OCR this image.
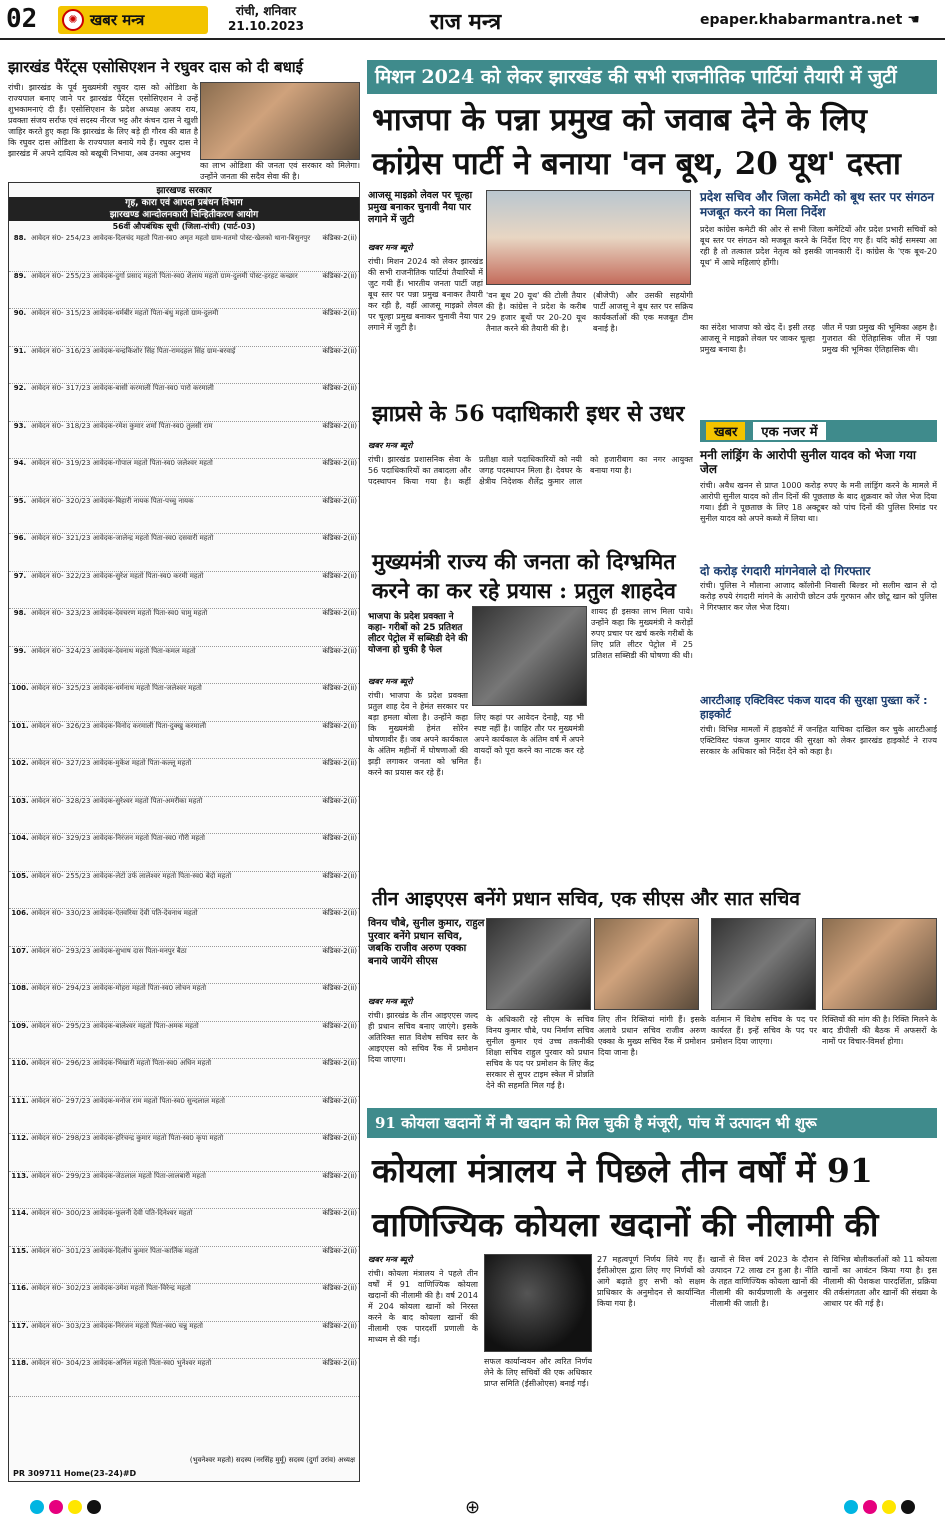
02	✺ खबर मन्त्र	रांची, शनिवार
21.10.2023	राज मन्त्र	epaper.khabarmantra.net ☚
झारखंड पैरेंट्स एसोसिएशन ने रघुवर दास को दी बधाई
रांची। झारखंड के पूर्व मुख्यमंत्री रघुवर दास को ओडिशा के राज्यपाल बनाए जाने पर झारखंड पैरेंट्स एसोसिएशन ने उन्हें शुभकामनाएं दी हैं। एसोसिएशन के प्रदेश अध्यक्ष अजय राय, प्रवक्ता संजय सर्राफ एवं सदस्य नीरज भट्ट और कंचन दास ने खुशी जाहिर करते हुए कहा कि झारखंड के लिए बड़े ही गौरव की बात है कि रघुवर दास ओडिशा के राज्यपाल बनाये गये हैं। रघुवर दास ने झारखंड में अपने दायित्व को बखूबी निभाया, अब उनका अनुभव
का लाभ ओडिशा की जनता एवं सरकार को मिलेगा। उन्होंने जनता की सदैव सेवा की है।
झारखण्ड सरकार
गृह, कारा एवं आपदा प्रबंधन विभाग
झारखण्ड आन्दोलनकारी चिन्हितीकरण आयोग
56वीं औपबंधिक सूची (जिला-रांची) (पार्ट-03)
88. आवेदन सं0- 254/23 आवेदक-दिलचंद महतो पिता-स्व0 अमृत महतो ग्राम-मतमो पोस्ट-खेलको थाना-बिसुनपुर	कंडिका-2(ii)
89. आवेदन सं0- 255/23 आवेदक-दुर्गा प्रसाद महतो पिता-स्व0 शैलाय महतो ग्राम-दुलमी पोस्ट-हरहट कच्छार	कंडिका-2(ii)
90. आवेदन सं0- 315/23 आवेदक-धर्मबीर महतो पिता-बंधु महतो ग्राम-दुलमी	कंडिका-2(ii)
91. आवेदन सं0- 316/23 आवेदक-चन्द्रकिशोर सिंह पिता-रामदहल सिंह ग्राम-बरवाई	कंडिका-2(ii)
92. आवेदन सं0- 317/23 आवेदक-बासी करमाली पिता-स्व0 पारो करमाली	कंडिका-2(ii)
93. आवेदन सं0- 318/23 आवेदक-रमेश कुमार शर्मा पिता-स्व0 तुलसी राम	कंडिका-2(ii)
94. आवेदन सं0- 319/23 आवेदक-गोपाल महतो पिता-स्व0 जलेश्वर महतो	कंडिका-2(ii)
95. आवेदन सं0- 320/23 आवेदक-बिहारी नायक पिता-पच्चु नायक	कंडिका-2(ii)
96. आवेदन सं0- 321/23 आवेदक-जालेन्द्र महतो पिता-स्व0 दसवारी महतो	कंडिका-2(ii)
97. आवेदन सं0- 322/23 आवेदक-सुरेश महतो पिता-स्व0 करमी महतो	कंडिका-2(ii)
98. आवेदन सं0- 323/23 आवेदक-देवचरण महतो पिता-स्व0 चामु महतो	कंडिका-2(ii)
99. आवेदन सं0- 324/23 आवेदक-देवनाथ महतो पिता-कमल महतो	कंडिका-2(ii)
100. आवेदन सं0- 325/23 आवेदक-धर्मनाथ महतो पिता-जलेश्वर महतो	कंडिका-2(ii)
101. आवेदन सं0- 326/23 आवेदक-विनोद करमाली पिता-दुक्खु करमाली	कंडिका-2(ii)
102. आवेदन सं0- 327/23 आवेदक-मुकेश महतो पिता-कल्लू महतो	कंडिका-2(ii)
103. आवेदन सं0- 328/23 आवेदक-सुरेश्वर महतो पिता-अमरीका महतो	कंडिका-2(ii)
104. आवेदन सं0- 329/23 आवेदक-निरंजन महतो पिता-स्व0 गौरी महतो	कंडिका-2(ii)
105. आवेदन सं0- 255/23 आवेदक-लेटो उर्फ लालेश्वर महतो पिता-स्व0 बेदो महतो	कंडिका-2(ii)
106. आवेदन सं0- 330/23 आवेदक-ऐतवरिया देवी पति-देवनाथ महतो	कंडिका-2(ii)
107. आवेदन सं0- 293/23 आवेदक-सुभाष दास पिता-मनपुर बैठा	कंडिका-2(ii)
108. आवेदन सं0- 294/23 आवेदक-मोहरा महतो पिता-स्व0 लोचन महतो	कंडिका-2(ii)
109. आवेदन सं0- 295/23 आवेदक-बालेश्वर महतो पिता-अमक महतो	कंडिका-2(ii)
110. आवेदन सं0- 296/23 आवेदक-भिखारी महतो पिता-स्व0 अधिन महतो	कंडिका-2(ii)
111. आवेदन सं0- 297/23 आवेदक-मनोज राम महतो पिता-स्व0 सुन्दलाल महतो	कंडिका-2(ii)
112. आवेदन सं0- 298/23 आवेदक-हरिचन्द्र कुमार महतो पिता-स्व0 कृपा महतो	कंडिका-2(ii)
113. आवेदन सं0- 299/23 आवेदक-जेठलाल महतो पिता-लालबारी महतो	कंडिका-2(ii)
114. आवेदन सं0- 300/23 आवेदक-फूलनी देवी पति-दिनेश्वर महतो	कंडिका-2(ii)
115. आवेदन सं0- 301/23 आवेदक-दिलीप कुमार पिता-कार्तिक महतो	कंडिका-2(ii)
116. आवेदन सं0- 302/23 आवेदक-उमेश महतो पिता-विरेन्द्र महतो	कंडिका-2(ii)
117. आवेदन सं0- 303/23 आवेदक-निरंजन महतो पिता-स्व0 चन्नु महतो	कंडिका-2(ii)
118. आवेदन सं0- 304/23 आवेदक-अनिल महतो पिता-स्व0 भुनेश्वर महतो	कंडिका-2(ii)
(भुवनेश्वर महतो) सदस्य (नरसिंह मुर्मू) सदस्य (दुर्गा उरांव) अध्यक्ष
PR 309711 Home(23-24)#D
मिशन 2024 को लेकर झारखंड की सभी राजनीतिक पार्टियां तैयारी में जुटीं
भाजपा के पन्ना प्रमुख को जवाब देने के लिए
कांग्रेस पार्टी ने बनाया 'वन बूथ, 20 यूथ' दस्ता
आजसू माइक्रो लेवल पर चूल्हा प्रमुख बनाकर चुनावी नैया पार लगाने में जुटी
खबर मन्त्र ब्यूरो
रांची। मिशन 2024 को लेकर झारखंड की सभी राजनीतिक पार्टियां तैयारियों में जुट गयी हैं। भारतीय जनता पार्टी जहां बूथ स्तर पर पन्ना प्रमुख बनाकर तैयारी कर रही है, वहीं आजसू माइक्रो लेवल पर चूल्हा प्रमुख बनाकर चुनावी नैया पार लगाने में जुटी है।
'वन बूथ 20 यूथ' की टोली तैयार की है। कांग्रेस ने प्रदेश के करीब 29 हजार बूथों पर 20-20 यूथ तैनात करने की तैयारी की है।
(बीजेपी) और उसकी सहयोगी पार्टी आजसू ने बूथ स्तर पर सक्रिय कार्यकर्ताओं की एक मजबूत टीम बनाई है।
प्रदेश सचिव और जिला कमेटी को बूथ स्तर पर संगठन मजबूत करने का मिला निर्देश
प्रदेश कांग्रेस कमेटी की ओर से सभी जिला कमेटियों और प्रदेश प्रभारी सचिवों को बूथ स्तर पर संगठन को मजबूत करने के निर्देश दिए गए हैं। यदि कोई समस्या आ रही है तो तत्काल प्रदेश नेतृत्व को इसकी जानकारी दें। कांग्रेस के 'एक बूथ-20 यूथ' में आधे महिलाएं होंगी।
का संदेश भाजपा को खेद दें। इसी तरह आजसू ने माइक्रो लेवल पर जाकर चूल्हा प्रमुख बनाया है।
जीत में पन्ना प्रमुख की भूमिका अहम है। गुजरात की ऐतिहासिक जीत में पन्ना प्रमुख की भूमिका ऐतिहासिक थी।
झाप्रसे के 56 पदाधिकारी इधर से उधर
खबर मन्त्र ब्यूरो
रांची। झारखंड प्रशासनिक सेवा के 56 पदाधिकारियों का तबादला और पदस्थापन किया गया है। कहीं प्रतीक्षा वाले पदाधिकारियों को नयी जगह पदस्थापन मिला है। देवघर के क्षेत्रीय निदेशक शैलेंद्र कुमार लाल को हजारीबाग का नगर आयुक्त बनाया गया है।
खबर	एक नजर में
मनी लांड्रिंग के आरोपी सुनील यादव को भेजा गया जेल
रांची। अवैध खनन से प्राप्त 1000 करोड़ रुपए के मनी लांड्रिंग करने के मामले में आरोपी सुनील यादव को तीन दिनों की पूछताछ के बाद शुक्रवार को जेल भेज दिया गया। ईडी ने पूछताछ के लिए 18 अक्टूबर को पांच दिनों की पुलिस रिमांड पर सुनील यादव को अपने कब्जे में लिया था।
दो करोड़ रंगदारी मांगनेवाले दो गिरफ्तार
रांची। पुलिस ने मौलाना आजाद कॉलोनी निवासी बिल्डर मो सलीम खान से दो करोड़ रुपये रंगदारी मांगने के आरोपी छोटन उर्फ गुरफान और छोटू खान को पुलिस ने गिरफ्तार कर जेल भेज दिया।
आरटीआइ एक्टिविस्ट पंकज यादव की सुरक्षा पुख्ता करें : हाइकोर्ट
रांची। विभिन्न मामलों में हाइकोर्ट में जनहित याचिका दाखिल कर चुके आरटीआई एक्टिविस्ट पंकज कुमार यादव की सुरक्षा को लेकर झारखंड हाइकोर्ट ने राज्य सरकार के अधिकार को निर्देश देने को कहा है।
मुख्यमंत्री राज्य की जनता को दिग्भ्रमित
करने का कर रहे प्रयास : प्रतुल शाहदेव
भाजपा के प्रदेश प्रवक्ता ने कहा- गरीबों को 25 प्रतिशत लीटर पेट्रोल में सब्सिडी देने की योजना हो चुकी है फेल
खबर मन्त्र ब्यूरो
रांची। भाजपा के प्रदेश प्रवक्ता प्रतुल शाह देव ने हेमंत सरकार पर बड़ा हमला बोला है। उन्होंने कहा कि मुख्यमंत्री हेमंत सोरेन घोषणावीर हैं। जब अपने कार्यकाल के अंतिम महीनों में घोषणाओं की झड़ी लगाकर जनता को भ्रमित करने का प्रयास कर रहे हैं।
लिए कहां पर आवेदन देनाहै, यह भी स्पष्ट नहीं है। जाहिर तौर पर मुख्यमंत्री अपने कार्यकाल के अंतिम वर्ष में अपने वायदों को पूरा करने का नाटक कर रहे हैं।
शायद ही इसका लाभ मिला पाये। उन्होंने कहा कि मुख्यमंत्री ने करोड़ों रुपए प्रचार पर खर्च करके गरीबों के लिए प्रति लीटर पेट्रोल में 25 प्रतिशत सब्सिडी की घोषणा की थी।
तीन आइएएस बनेंगे प्रधान सचिव, एक सीएस और सात सचिव
विनय चौबे, सुनील कुमार, राहुल पुरवार बनेंगे प्रधान सचिव, जबकि राजीव अरुण एक्का बनाये जायेंगे सीएस
खबर मन्त्र ब्यूरो
रांची। झारखंड के तीन आइएएस जल्द ही प्रधान सचिव बनाए जाएंगे। इसके अतिरिक्त सात विशेष सचिव स्तर के आइएएस को सचिव रैंक में प्रमोशन दिया जाएगा।
के अधिकारी रहे सीएम के सचिव विनय कुमार चौबे, पथ निर्माण सचिव सुनील कुमार एवं उच्च तकनीकी शिक्षा सचिव राहुल पुरवार को प्रधान सचिव के पद पर प्रमोशन के लिए केंद्र सरकार से सुपर टाइम स्केल में प्रोन्नति देने की सहमति मिल गई है।
लिए तीन रिक्तियां मांगी हैं। इसके अलावे प्रधान सचिव राजीव अरुण एक्का के मुख्य सचिव रैंक में प्रमोशन दिया जाना है।
वर्तमान में विशेष सचिव के पद पर कार्यरत हैं। इन्हें सचिव के पद पर प्रमोशन दिया जाएगा।
रिक्तियों की मांग की है। रिक्ति मिलने के बाद डीपीसी की बैठक में अफसरों के नामों पर विचार-विमर्श होगा।
91 कोयला खदानों में नौ खदान को मिल चुकी है मंजूरी, पांच में उत्पादन भी शुरू
कोयला मंत्रालय ने पिछले तीन वर्षों में 91
वाणिज्यिक कोयला खदानों की नीलामी की
खबर मन्त्र ब्यूरो
रांची। कोयला मंत्रालय ने पहले तीन वर्षों में 91 वाणिज्यिक कोयला खदानों की नीलामी की है। वर्ष 2014 में 204 कोयला खानों को निरस्त करने के बाद कोयला खानों की नीलामी एक पारदर्शी प्रणाली के माध्यम से की गई।
सफल कार्यान्वयन और त्वरित निर्णय लेने के लिए सचिवों की एक अधिकार प्राप्त समिति (ईसीओएस) बनाई गई।
27 महत्वपूर्ण निर्णय लिये गए हैं। ईसीओएस द्वारा लिए गए निर्णयों को आगे बढ़ाते हुए सभी को सक्षम प्राधिकार के अनुमोदन से कार्यान्वित किया गया है।
खानों से वित्त वर्ष 2023 के दौरान उत्पादन 72 लाख टन हुआ है। नीति के तहत वाणिज्यिक कोयला खानों की नीलामी की कार्यप्रणाली के अनुसार नीलामी की जाती है।
से विभिन्न बोलीकर्ताओं को 11 कोयला खानों का आवंटन किया गया है। इस नीलामी की पेशकश पारदर्शिता, प्रक्रिया की तर्कसंगतता और खानों की संख्या के आधार पर की गई है।
⊕
